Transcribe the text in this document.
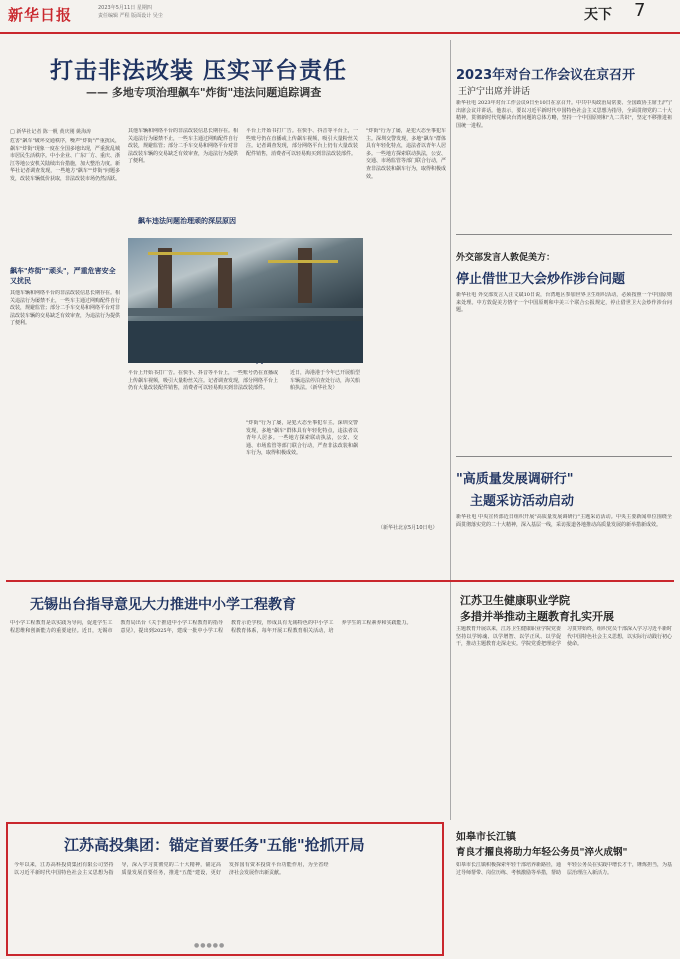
新华日报	2023年5月11日 星期四
责任编辑 严程 版面设计 吴尘	天下 7
打击非法改装 压实平台责任
—— 多地专项治理飙车"炸街"违法问题追踪调查
□ 新华社记者 陈一帆 黄庆刚 姚海涛
危害"飙车"破坏交通秩序，噪声"炸街"严重扰民，飙车"炸街"现象一度在全国多地出现，严重扰乱城市居民生活秩序。中小企业、广东厂方、重庆、浙江等地公安机关陆续出台措施，加大整治力度。新华社记者调查发现，一些地方"飙车""炸街"问题多发，改装车辆低价获取，非法改装市场仍然活跃。
飙车"炸街""顽头"，严重危害安全又扰民
其他车辆和网络平台的非法改装信息长期存在。相关违法行为屡禁不止，一些车主通过网购配件自行改装，规避监管；部分二手车交易和网络平台对非法改装车辆的交易缺乏有效审查，为违法行为提供了便利。
其他车辆和网络平台的非法改装信息长期存在。相关违法行为屡禁不止，一些车主通过网购配件自行改装，规避监管；部分二手车交易和网络平台对非法改装车辆的交易缺乏有效审查，为违法行为提供了便利。
飙车违法问题治理顽的深层原因
平台上开始书打广告。在快手、抖音等平台上，一些账号仍在直播或上传飙车视频，吸引大量粉丝关注。记者调查发现，部分网络平台上仍有大量改装配件销售，消费者可以轻易购买到非法改装部件。
"炸街"行为了屡，是犯大态至事犯车主。深圳交警发现，多地"飙车"群体具有年轻化特点，违法者以青年人居多。一些地方探索联动执法，公安、交通、市场监管等部门联合行动，严查非法改装和飙车行为，取得积极成效。
近日，海港港于今年已开展船型车辆违法停泊查处行动，海关船舶执法。（新华社发）
平台上开始书打广告。在快手、抖音等平台上，一些账号仍在直播或上传飙车视频，吸引大量粉丝关注。记者调查发现，部分网络平台上仍有大量改装配件销售，消费者可以轻易购买到非法改装部件。
"炸街"行为了屡，是犯大态至事犯车主。深圳交警发现，多地"飙车"群体具有年轻化特点，违法者以青年人居多。一些地方探索联动执法，公安、交通、市场监管等部门联合行动，严查非法改装和飙车行为，取得积极成效。
（新华社北京5月10日电）
2023年对台工作会议在京召开
王沪宁出席并讲话
新华社电 2023年对台工作会议9日至10日在京召开。中共中央政治局常委、全国政协主席王沪宁出席会议并讲话。他表示，要以习近平新时代中国特色社会主义思想为指导，全面贯彻党的二十大精神，贯彻新时代党解决台湾问题的总体方略，坚持一个中国原则和"九二共识"，坚定不移推进祖国统一进程。
外交部发言人敦促美方：
停止借世卫大会炒作涉台问题
新华社电 外交部发言人汪文斌10日说，台湾地区参加世界卫生组织活动，必须按照一个中国原则来处理。中方敦促美方恪守一个中国原则和中美三个联合公报规定，停止借世卫大会炒作涉台问题。
"高质量发展调研行"
主题采访活动启动
新华社电 中央宣传部近日组织开展"高质量发展调研行"主题采访活动。中央主要新闻单位围绕全面贯彻落实党的二十大精神，深入基层一线，采访报道各地推动高质量发展的新举措新成效。
无锡出台指导意见大力推进中小学工程教育
中小学工程教育是以实践为导向，促进学生工程思维和创新能力的重要途径。近日，无锡市教育局出台《关于推进中小学工程教育的指导意见》，提出到2025年，建成一批中小学工程教育示范学校，形成具有无锡特色的中小学工程教育体系，每年开展工程教育相关活动，培养学生的工程素养和实践能力。
江苏卫生健康职业学院
多措并举推动主题教育扎实开展
主题教育开展以来，江苏卫生健康职业学院党委坚持以学铸魂、以学增智、以学正风、以学促干，推动主题教育走深走实。学院党委把理论学习贯穿始终，组织党员干部深入学习习近平新时代中国特色社会主义思想，以实际行动践行初心使命。
江苏高投集团：锚定首要任务"五能"抢抓开局
今年以来，江苏高科投资集团有限公司坚持以习近平新时代中国特色社会主义思想为指导，深入学习贯彻党的二十大精神，锚定高质量发展首要任务，推进"五能"建设，更好发挥国有资本投资平台功能作用，为全省经济社会发展作出新贡献。
●●●●●
如皋市长江镇
育良才擢良将助力年轻公务员"淬火成钢"
如皋市长江镇积极探索年轻干部培养新路径，通过导师帮带、岗位历练、考核激励等举措，帮助年轻公务员在实践中增长才干，锤炼担当，为基层治理注入新活力。
